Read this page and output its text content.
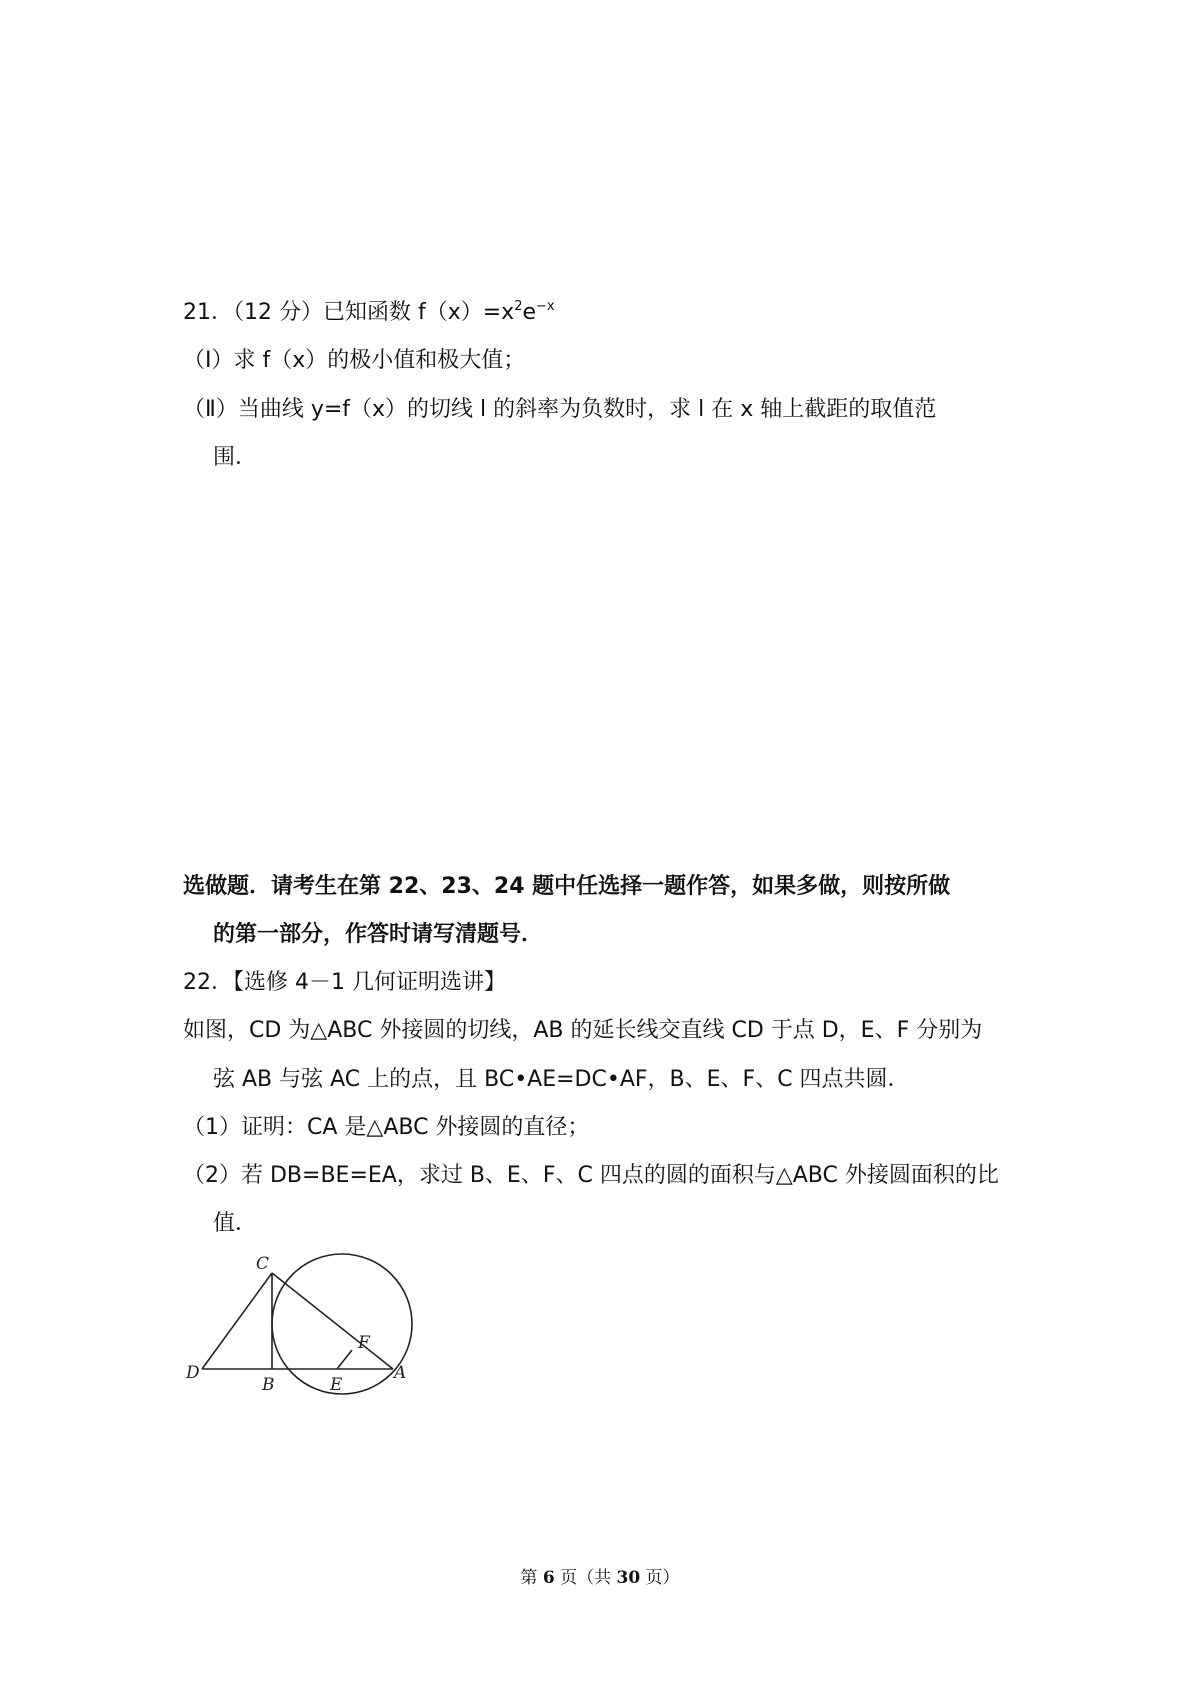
21．（12 分）已知函数 $f(x)=x^2e^{-x}$
（Ⅰ）求 f（x）的极小值和极大值；
（Ⅱ）当曲线 y=f（x）的切线 l 的斜率为负数时，求 l 在 x 轴上截距的取值范
围．
选做题．请考生在第 22、23、24 题中任选择一题作答，如果多做，则按所做
的第一部分，作答时请写清题号．
22．【选修 4－1 几何证明选讲】
如图，CD 为△ABC 外接圆的切线，AB 的延长线交直线 CD 于点 D，E、F 分别为
弦 AB 与弦 AC 上的点，且 BC•AE=DC•AF，B、E、F、C 四点共圆．
（1）证明：CA 是△ABC 外接圆的直径；
（2）若 DB=BE=EA，求过 B、E、F、C 四点的圆的面积与△ABC 外接圆面积的比
值．
C
F
D
B	E
A
第 6 页（共 30 页）
